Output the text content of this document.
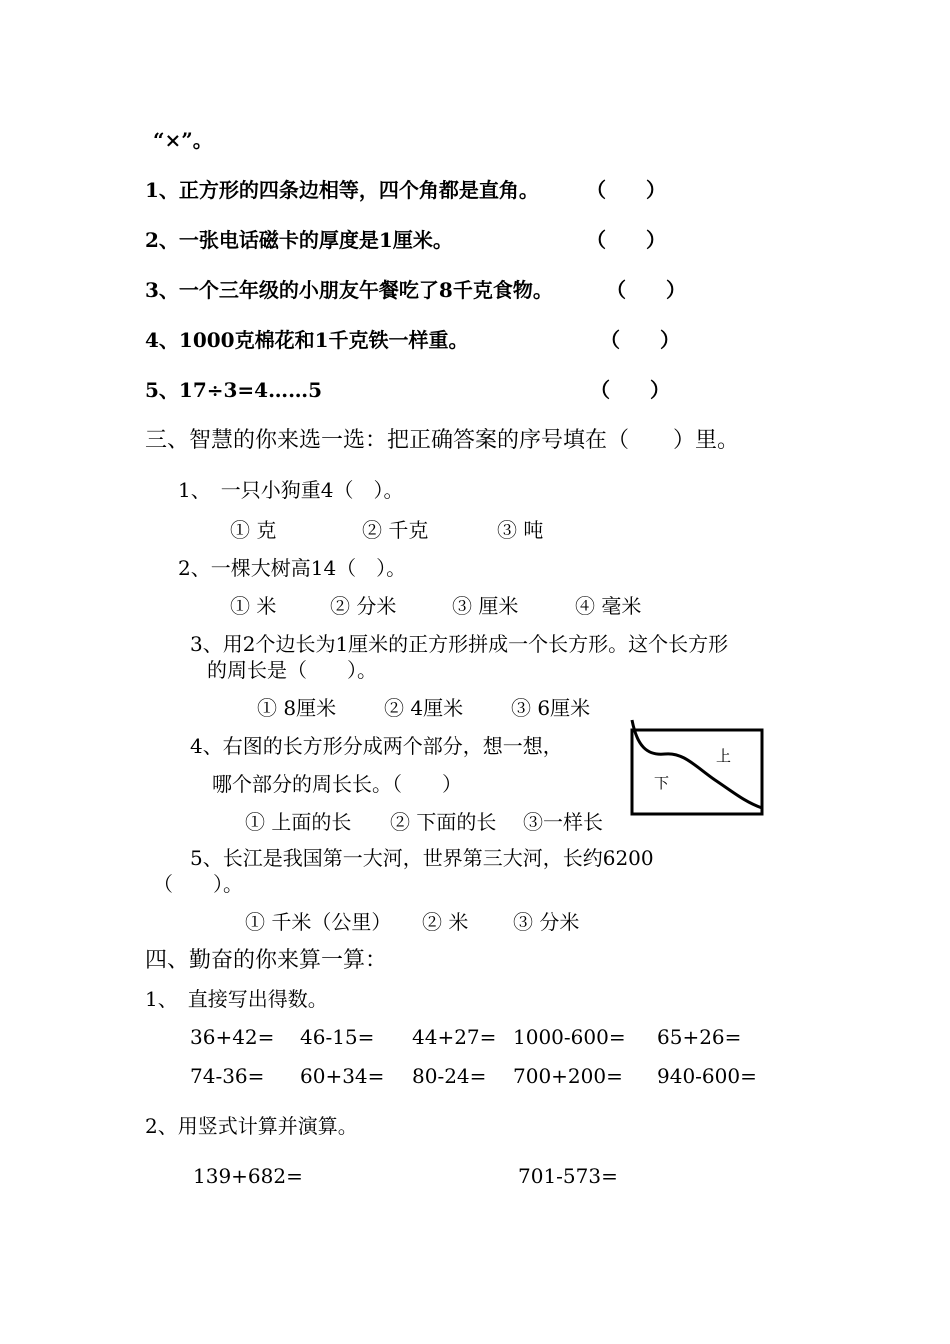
“×”。
1、正方形的四条边相等，四个角都是直角。 （　　）
2、一张电话磁卡的厚度是1厘米。	（　　）
3、一个三年级的小朋友午餐吃了8千克食物。	（　　）
4、1000克棉花和1千克铁一样重。	（　　）
5、17÷3=4……5	（　　）
三、智慧的你来选一选：把正确答案的序号填在（　　）里。
1、　一只小狗重4（　）。
① 克	② 千克	③ 吨
2、一棵大树高14（　）。
① 米	② 分米	③ 厘米	④ 毫米
3、用2个边长为1厘米的正方形拼成一个长方形。这个长方形
的周长是（　　）。
① 8厘米 ② 4厘米 ③ 6厘米
4、右图的长方形分成两个部分，想一想，
哪个部分的周长长。（　　）
① 上面的长 ② 下面的长 ③一样长
上
下
5、长江是我国第一大河，世界第三大河，长约6200
（　　）。
① 千米（公里） ② 米 ③ 分米
四、勤奋的你来算一算：
1、　直接写出得数。
36+42= 46-15= 44+27= 1000-600= 65+26=
74-36= 60+34= 80-24= 700+200= 940-600=
2、用竖式计算并演算。
139+682=	701-573=
